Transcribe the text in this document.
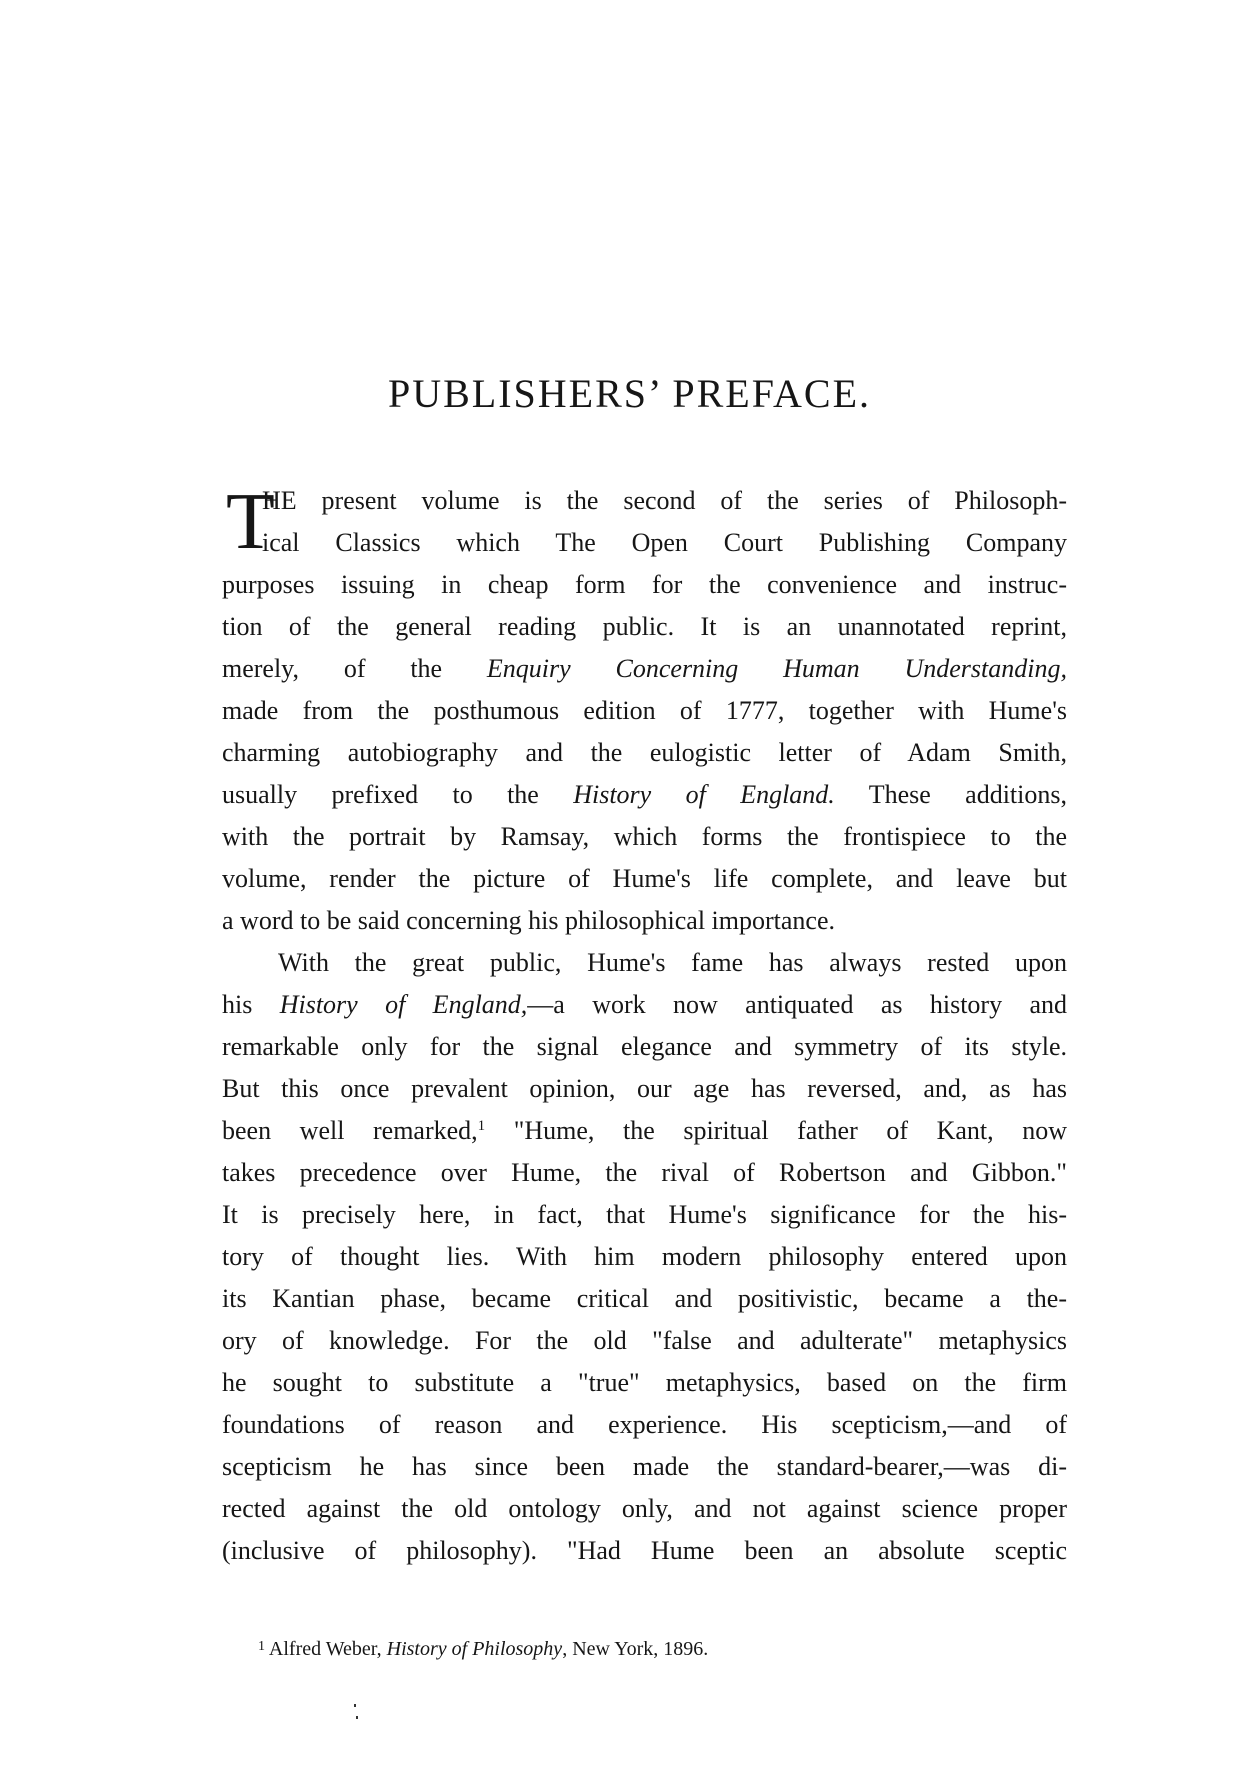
PUBLISHERS’ PREFACE.
T
HE present volume is the second of the series of Philosoph-
ical Classics which The Open Court Publishing Company
purposes issuing in cheap form for the convenience and instruc-
tion of the general reading public. It is an unannotated reprint,
merely, of the Enquiry Concerning Human Understanding,
made from the posthumous edition of 1777, together with Hume's
charming autobiography and the eulogistic letter of Adam Smith,
usually prefixed to the History of England. These additions,
with the portrait by Ramsay, which forms the frontispiece to the
volume, render the picture of Hume's life complete, and leave but
a word to be said concerning his philosophical importance.
With the great public, Hume's fame has always rested upon
his History of England,—a work now antiquated as history and
remarkable only for the signal elegance and symmetry of its style.
But this once prevalent opinion, our age has reversed, and, as has
been well remarked,$^1$ "Hume, the spiritual father of Kant, now
takes precedence over Hume, the rival of Robertson and Gibbon."
It is precisely here, in fact, that Hume's significance for the his-
tory of thought lies. With him modern philosophy entered upon
its Kantian phase, became critical and positivistic, became a the-
ory of knowledge. For the old "false and adulterate" metaphysics
he sought to substitute a "true" metaphysics, based on the firm
foundations of reason and experience. His scepticism,—and of
scepticism he has since been made the standard-bearer,—was di-
rected against the old ontology only, and not against science proper
(inclusive of philosophy). "Had Hume been an absolute sceptic
$^1$ Alfred Weber, History of Philosophy, New York, 1896.
